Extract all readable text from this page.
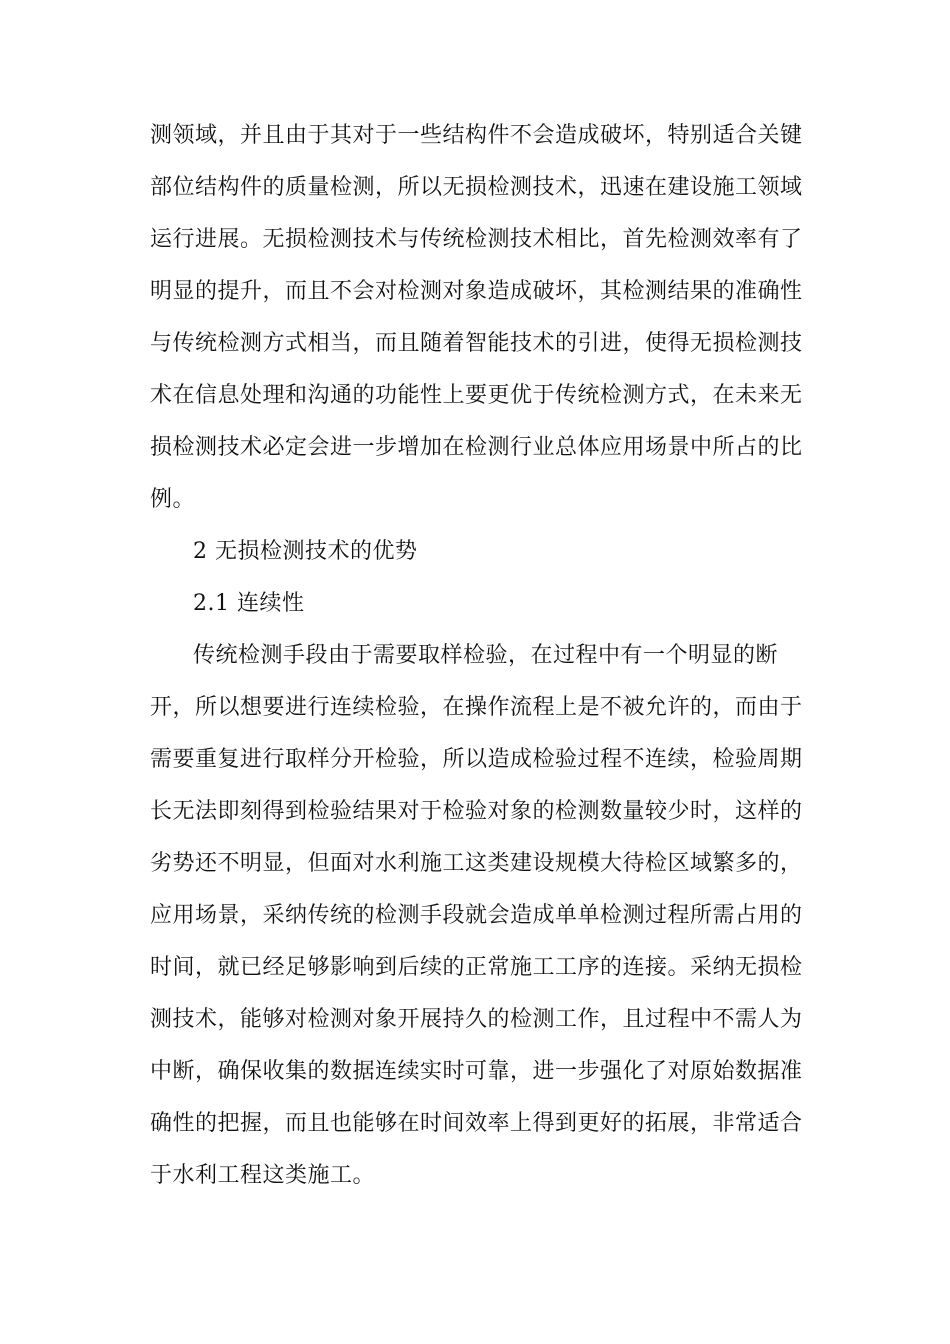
测领域，并且由于其对于一些结构件不会造成破坏，特别适合关键
部位结构件的质量检测，所以无损检测技术，迅速在建设施工领域
运行进展。无损检测技术与传统检测技术相比，首先检测效率有了
明显的提升，而且不会对检测对象造成破坏，其检测结果的准确性
与传统检测方式相当，而且随着智能技术的引进，使得无损检测技
术在信息处理和沟通的功能性上要更优于传统检测方式，在未来无
损检测技术必定会进一步增加在检测行业总体应用场景中所占的比
例。
2 无损检测技术的优势
2.1 连续性
传统检测手段由于需要取样检验，在过程中有一个明显的断
开，所以想要进行连续检验，在操作流程上是不被允许的，而由于
需要重复进行取样分开检验，所以造成检验过程不连续，检验周期
长无法即刻得到检验结果对于检验对象的检测数量较少时，这样的
劣势还不明显，但面对水利施工这类建设规模大待检区域繁多的，
应用场景，采纳传统的检测手段就会造成单单检测过程所需占用的
时间，就已经足够影响到后续的正常施工工序的连接。采纳无损检
测技术，能够对检测对象开展持久的检测工作，且过程中不需人为
中断，确保收集的数据连续实时可靠，进一步强化了对原始数据准
确性的把握，而且也能够在时间效率上得到更好的拓展，非常适合
于水利工程这类施工。
